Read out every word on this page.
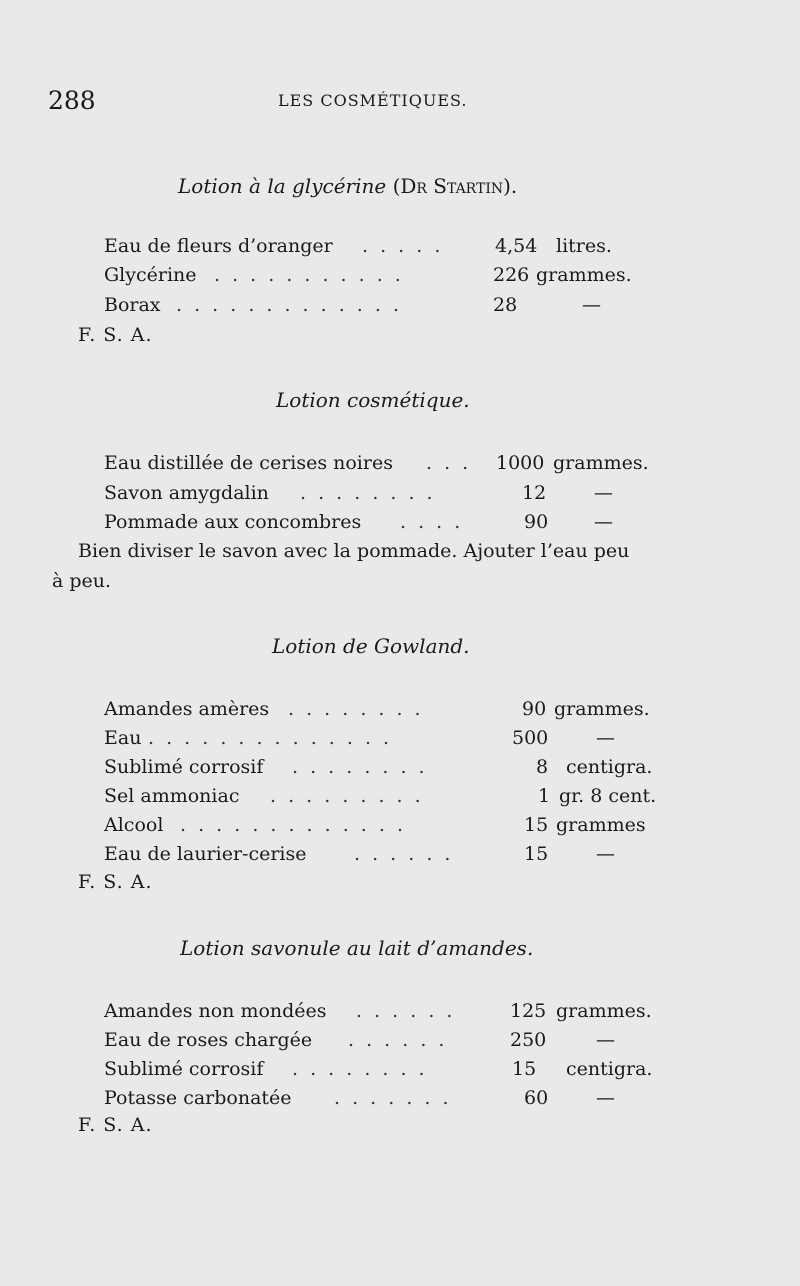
288	LES COSMÉTIQUES.
Lotion à la glycérine (Dr Startin).
Eau de fleurs d’oranger . . . . .	4,54 litres.
Glycérine . . . . . . . . . . .	226 grammes.
Borax . . . . . . . . . . . . .	28	—
F. S. A.
Lotion cosmétique.
Eau distillée de cerises noires . . . 1000 grammes.
Savon amygdalin . . . . . . . .	12	—
Pommade aux concombres . . . .	90 —
Bien diviser le savon avec la pommade. Ajouter l’eau peu
à peu.
Lotion de Gowland.
Amandes amères . . . . . . . .	90 grammes.
Eau . . . . . . . . . . . . . .	500	—
Sublimé corrosif . . . . . . . .	8 centigra.
Sel ammoniac . . . . . . . . .	1 gr. 8 cent.
Alcool . . . . . . . . . . . . .	15 grammes
Eau de laurier-cerise . . . . . .	15	—
F. S. A.
Lotion savonule au lait d’amandes.
Amandes non mondées . . . . . .	125 grammes.
Eau de roses chargée . . . . . .	250	—
Sublimé corrosif . . . . . . . .	15 centigra.
Potasse carbonatée . . . . . . .	60	—
F. S. A.
